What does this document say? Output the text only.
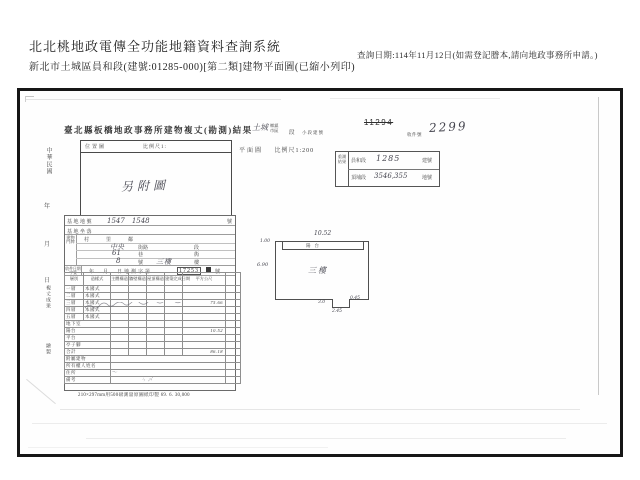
北北桃地政電傳全功能地籍資料查詢系統
新北市土城區員和段(建號:01285-000)[第二類]建物平面圖(已縮小列印)
查詢日期:114年11月12日(如需登記謄本,請向地政事務所申請。)
臺北縣板橋地政事務所建物複丈(勘測)結果
中華民國
年
月
日
複丈成果
繪製
位置圖	比例尺1:
另附圖
土城 鄉鎮市區	段 小段建號
11294
收件號 2299
平面圖 比例尺1:200
重測結果 員和段 1285	建號
頂埔段 3546,355	地號
基地地號 1547　1548	號
基地坐落
建物門牌	村　里　鄰
中央	街路	段
61	巷	衖
8	號 三樓	樓
收件日期
字號	年　月　日地測字第	17253	號
層別	造樣式	主體構造	牆壁構造	屋頂構造	建築完成日期	平方公尺	
一層	本國式						
二層	本國式						
三層	本國式					75.66	
四層	本國式						
五層	本國式						
地下室							
陽台						10.52	
平台							
亭子腳							
合計						86.18	
附屬建物							
所有權人姓名							
住所		〜					
備考		ㄣ 〆					
210×297mm用500磅測量原圖紙印製 69. 6. 30,000
陽台
三樓
10.52
1.00
6.90
3.0
0.45
2.45
